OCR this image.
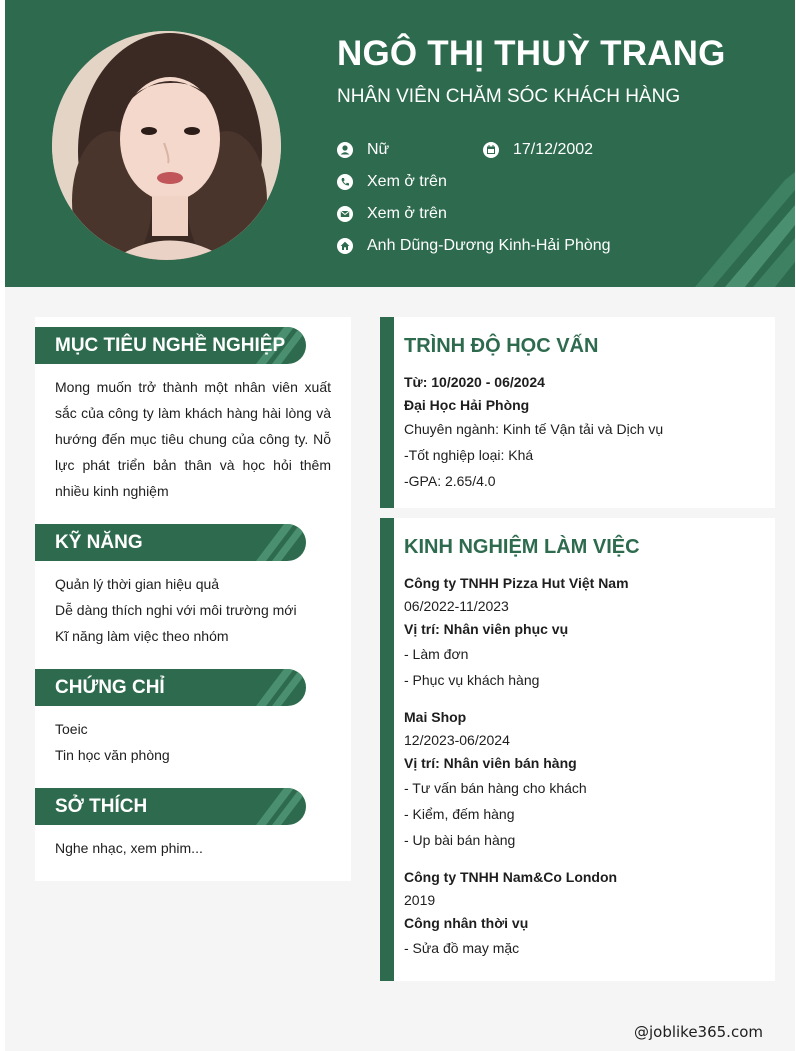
NGÔ THỊ THUỲ TRANG
NHÂN VIÊN CHĂM SÓC KHÁCH HÀNG
Nữ	17/12/2002
Xem ở trên
Xem ở trên
Anh Dũng-Dương Kinh-Hải Phòng
MỤC TIÊU NGHỀ NGHIỆP
Mong muốn trở thành một nhân viên xuất sắc của công ty làm khách hàng hài lòng và hướng đến mục tiêu chung của công ty. Nỗ lực phát triển bản thân và học hỏi thêm nhiều kinh nghiệm
KỸ NĂNG
Quản lý thời gian hiệu quả
Dễ dàng thích nghi với môi trường mới
Kĩ năng làm việc theo nhóm
CHỨNG CHỈ
Toeic
Tin học văn phòng
SỞ THÍCH
Nghe nhạc, xem phim...
TRÌNH ĐỘ HỌC VẤN
Từ: 10/2020 - 06/2024
Đại Học Hải Phòng
Chuyên ngành: Kinh tế Vận tải và Dịch vụ
-Tốt nghiệp loại: Khá
-GPA: 2.65/4.0
KINH NGHIỆM LÀM VIỆC
Công ty TNHH Pizza Hut Việt Nam
06/2022-11/2023
Vị trí: Nhân viên phục vụ
- Làm đơn
- Phục vụ khách hàng
Mai Shop
12/2023-06/2024
Vị trí: Nhân viên bán hàng
- Tư vấn bán hàng cho khách
- Kiểm, đếm hàng
- Up bài bán hàng
Công ty TNHH Nam&Co London
2019
Công nhân thời vụ
- Sửa đồ may mặc
@joblike365.com
